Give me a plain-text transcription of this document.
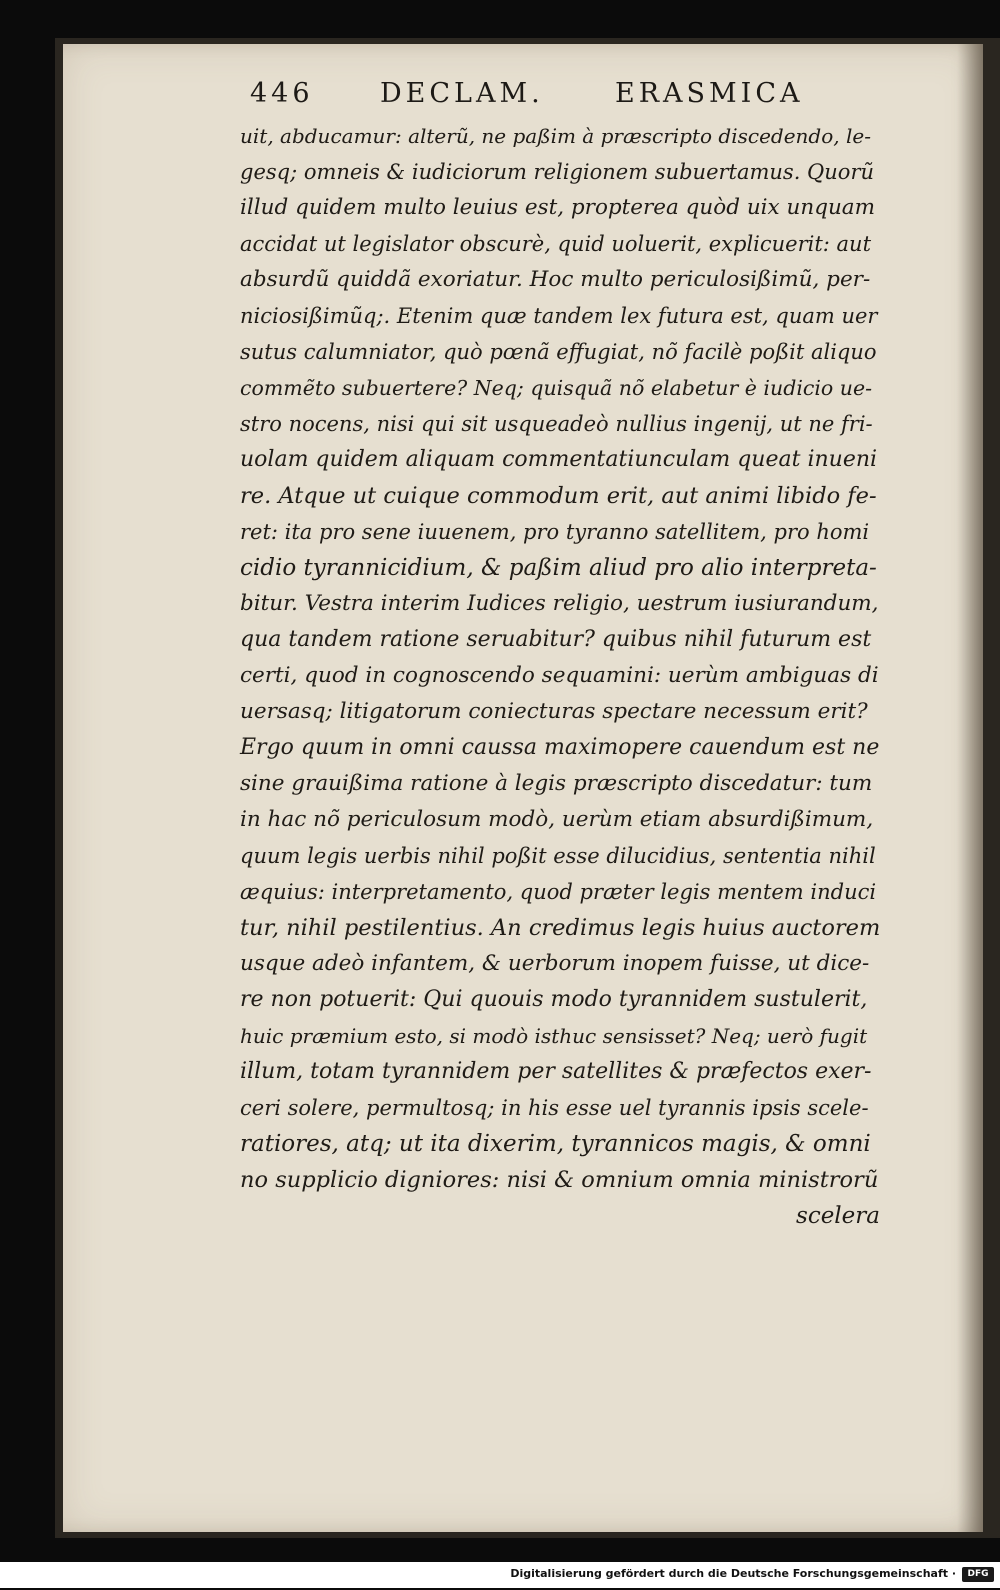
446 DECLAM.	ERASMICA
uit, abducamur: alterũ, ne paßim à præscripto discedendo, le-
gesq; omneis & iudiciorum religionem subuertamus. Quorũ
illud quidem multo leuius est, propterea quòd uix unquam
accidat ut legislator obscurè, quid uoluerit, explicuerit: aut
absurdũ quiddã exoriatur. Hoc multo periculosißimũ, per-
niciosißimũq;. Etenim quæ tandem lex futura est, quam uer
sutus calumniator, quò pœnã effugiat, nõ facilè poßit aliquo
commẽto subuertere? Neq; quisquã nõ elabetur è iudicio ue-
stro nocens, nisi qui sit usqueadeò nullius ingenij, ut ne fri-
uolam quidem aliquam commentatiunculam queat inueni
re. Atque ut cuique commodum erit, aut animi libido fe-
ret: ita pro sene iuuenem, pro tyranno satellitem, pro homi
cidio tyrannicidium, & paßim aliud pro alio interpreta-
bitur. Vestra interim Iudices religio, uestrum iusiurandum,
qua tandem ratione seruabitur? quibus nihil futurum est
certi, quod in cognoscendo sequamini: uerùm ambiguas di
uersasq; litigatorum coniecturas spectare necessum erit?
Ergo quum in omni caussa maximopere cauendum est ne
sine grauißima ratione à legis præscripto discedatur: tum
in hac nõ periculosum modò, uerùm etiam absurdißimum,
quum legis uerbis nihil poßit esse dilucidius, sententia nihil
æquius: interpretamento, quod præter legis mentem induci
tur, nihil pestilentius. An credimus legis huius auctorem
usque adeò infantem, & uerborum inopem fuisse, ut dice-
re non potuerit: Qui quouis modo tyrannidem sustulerit,
huic præmium esto, si modò isthuc sensisset? Neq; uerò fugit
illum, totam tyrannidem per satellites & præfectos exer-
ceri solere, permultosq; in his esse uel tyrannis ipsis scele-
ratiores, atq; ut ita dixerim, tyrannicos magis, & omni
no supplicio digniores: nisi & omnium omnia ministrorũ
scelera
Digitalisierung gefördert durch die Deutsche Forschungsgemeinschaft ·	DFG
